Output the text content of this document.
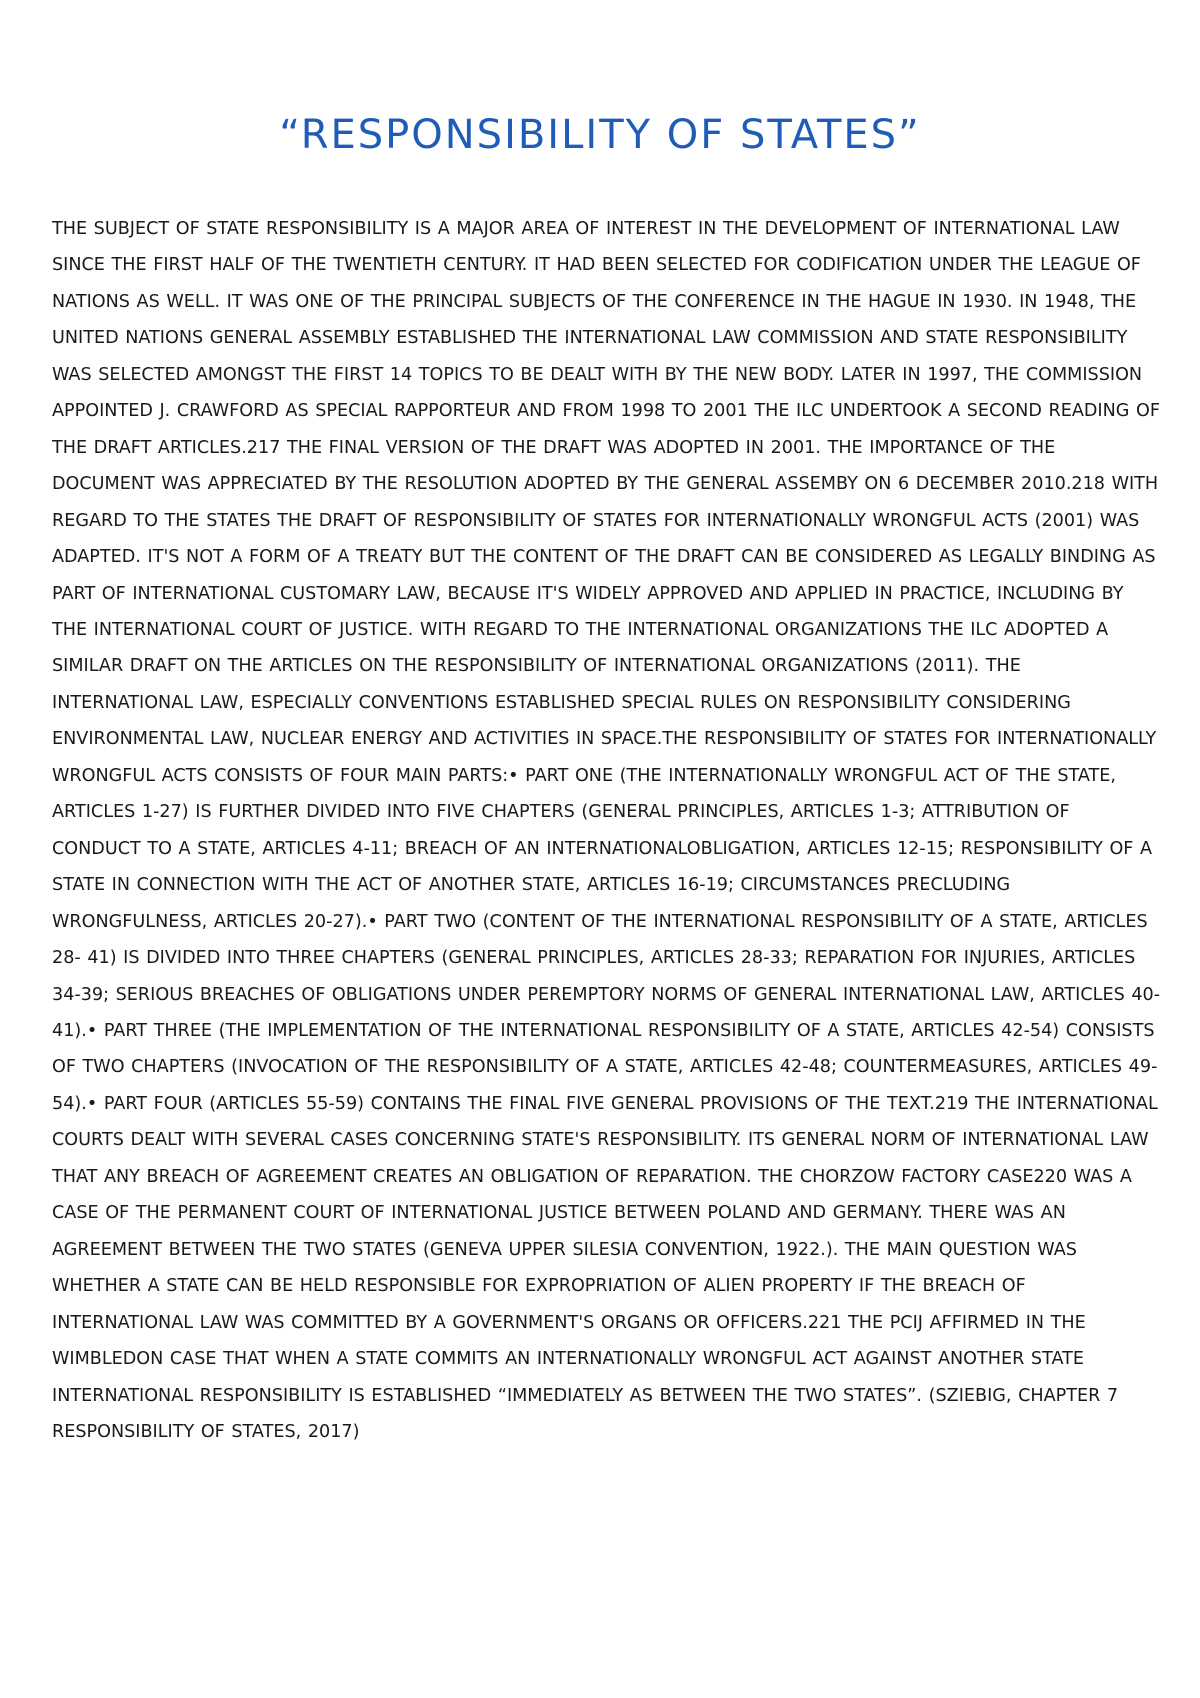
“RESPONSIBILITY OF STATES”

THE SUBJECT OF STATE RESPONSIBILITY IS A MAJOR AREA OF INTEREST IN THE DEVELOPMENT OF INTERNATIONAL LAW SINCE THE FIRST HALF OF THE TWENTIETH CENTURY. IT HAD BEEN SELECTED FOR CODIFICATION UNDER THE LEAGUE OF NATIONS AS WELL. IT WAS ONE OF THE PRINCIPAL SUBJECTS OF THE CONFERENCE IN THE HAGUE IN 1930. IN 1948, THE UNITED NATIONS GENERAL ASSEMBLY ESTABLISHED THE INTERNATIONAL LAW COMMISSION AND STATE RESPONSIBILITY WAS SELECTED AMONGST THE FIRST 14 TOPICS TO BE DEALT WITH BY THE NEW BODY. LATER IN 1997, THE COMMISSION APPOINTED J. CRAWFORD AS SPECIAL RAPPORTEUR AND FROM 1998 TO 2001 THE ILC UNDERTOOK A SECOND READING OF THE DRAFT ARTICLES.217 THE FINAL VERSION OF THE DRAFT WAS ADOPTED IN 2001. THE IMPORTANCE OF THE DOCUMENT WAS APPRECIATED BY THE RESOLUTION ADOPTED BY THE GENERAL ASSEMBY ON 6 DECEMBER 2010.218 WITH REGARD TO THE STATES THE DRAFT OF RESPONSIBILITY OF STATES FOR INTERNATIONALLY WRONGFUL ACTS (2001) WAS ADAPTED. IT'S NOT A FORM OF A TREATY BUT THE CONTENT OF THE DRAFT CAN BE CONSIDERED AS LEGALLY BINDING AS PART OF INTERNATIONAL CUSTOMARY LAW, BECAUSE IT'S WIDELY APPROVED AND APPLIED IN PRACTICE, INCLUDING BY THE INTERNATIONAL COURT OF JUSTICE. WITH REGARD TO THE INTERNATIONAL ORGANIZATIONS THE ILC ADOPTED A SIMILAR DRAFT ON THE ARTICLES ON THE RESPONSIBILITY OF INTERNATIONAL ORGANIZATIONS (2011). THE INTERNATIONAL LAW, ESPECIALLY CONVENTIONS ESTABLISHED SPECIAL RULES ON RESPONSIBILITY CONSIDERING ENVIRONMENTAL LAW, NUCLEAR ENERGY AND ACTIVITIES IN SPACE.THE RESPONSIBILITY OF STATES FOR INTERNATIONALLY WRONGFUL ACTS CONSISTS OF FOUR MAIN PARTS:• PART ONE (THE INTERNATIONALLY WRONGFUL ACT OF THE STATE, ARTICLES 1-27) IS FURTHER DIVIDED INTO FIVE CHAPTERS (GENERAL PRINCIPLES, ARTICLES 1-3; ATTRIBUTION OF CONDUCT TO A STATE, ARTICLES 4-11; BREACH OF AN INTERNATIONALOBLIGATION, ARTICLES 12-15; RESPONSIBILITY OF A STATE IN CONNECTION WITH THE ACT OF ANOTHER STATE, ARTICLES 16-19; CIRCUMSTANCES PRECLUDING WRONGFULNESS, ARTICLES 20-27).• PART TWO (CONTENT OF THE INTERNATIONAL RESPONSIBILITY OF A STATE, ARTICLES 28- 41) IS DIVIDED INTO THREE CHAPTERS (GENERAL PRINCIPLES, ARTICLES 28-33; REPARATION FOR INJURIES, ARTICLES 34-39; SERIOUS BREACHES OF OBLIGATIONS UNDER PEREMPTORY NORMS OF GENERAL INTERNATIONAL LAW, ARTICLES 40-41).• PART THREE (THE IMPLEMENTATION OF THE INTERNATIONAL RESPONSIBILITY OF A STATE, ARTICLES 42-54) CONSISTS OF TWO CHAPTERS (INVOCATION OF THE RESPONSIBILITY OF A STATE, ARTICLES 42-48; COUNTERMEASURES, ARTICLES 49-54).• PART FOUR (ARTICLES 55-59) CONTAINS THE FINAL FIVE GENERAL PROVISIONS OF THE TEXT.219 THE INTERNATIONAL COURTS DEALT WITH SEVERAL CASES CONCERNING STATE'S RESPONSIBILITY. ITS GENERAL NORM OF INTERNATIONAL LAW THAT ANY BREACH OF AGREEMENT CREATES AN OBLIGATION OF REPARATION. THE CHORZOW FACTORY CASE220 WAS A CASE OF THE PERMANENT COURT OF INTERNATIONAL JUSTICE BETWEEN POLAND AND GERMANY. THERE WAS AN AGREEMENT BETWEEN THE TWO STATES (GENEVA UPPER SILESIA CONVENTION, 1922.). THE MAIN QUESTION WAS WHETHER A STATE CAN BE HELD RESPONSIBLE FOR EXPROPRIATION OF ALIEN PROPERTY IF THE BREACH OF INTERNATIONAL LAW WAS COMMITTED BY A GOVERNMENT'S ORGANS OR OFFICERS.221 THE PCIJ AFFIRMED IN THE WIMBLEDON CASE THAT WHEN A STATE COMMITS AN INTERNATIONALLY WRONGFUL ACT AGAINST ANOTHER STATE INTERNATIONAL RESPONSIBILITY IS ESTABLISHED “IMMEDIATELY AS BETWEEN THE TWO STATES”. (SZIEBIG, CHAPTER 7 RESPONSIBILITY OF STATES, 2017)
